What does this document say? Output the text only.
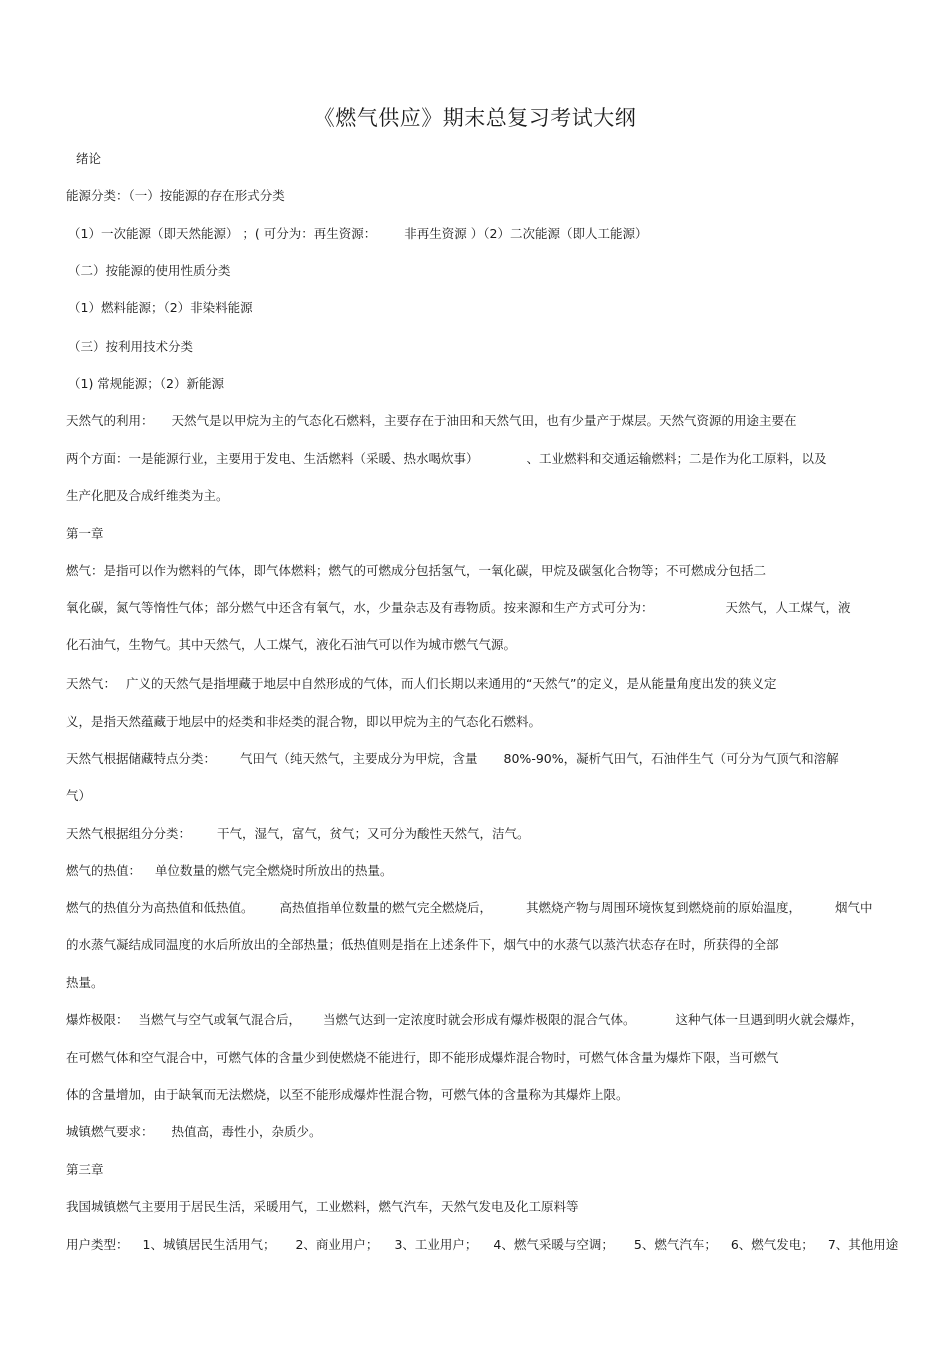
《燃气供应》期末总复习考试大纲
绪论
能源分类：（一）按能源的存在形式分类
（1）一次能源（即天然能源） ；( 可分为：再生资源： 非再生资源 ）（2）二次能源（即人工能源）
（二）按能源的使用性质分类
（1）燃料能源；（2）非染料能源
（三）按利用技术分类
（1) 常规能源；（2）新能源
天然气的利用： 天然气是以甲烷为主的气态化石燃料，主要存在于油田和天然气田，也有少量产于煤层。天然气资源的用途主要在
两个方面：一是能源行业，主要用于发电、生活燃料（采暖、热水喝炊事）	、工业燃料和交通运输燃料；二是作为化工原料，以及
生产化肥及合成纤维类为主。
第一章
燃气：是指可以作为燃料的气体，即气体燃料；燃气的可燃成分包括氢气，一氧化碳，甲烷及碳氢化合物等；不可燃成分包括二
氧化碳，氮气等惰性气体；部分燃气中还含有氧气，水，少量杂志及有毒物质。按来源和生产方式可分为：	天然气，人工煤气，液
化石油气，生物气。其中天然气，人工煤气，液化石油气可以作为城市燃气气源。
天然气： 广义的天然气是指埋藏于地层中自然形成的气体，而人们长期以来通用的“天然气”的定义，是从能量角度出发的狭义定
义，是指天然蕴藏于地层中的烃类和非烃类的混合物，即以甲烷为主的气态化石燃料。
天然气根据储藏特点分类： 气田气（纯天然气，主要成分为甲烷，含量 80%-90%，凝析气田气，石油伴生气（可分为气顶气和溶解
气）
天然气根据组分分类： 干气，湿气，富气，贫气；又可分为酸性天然气，洁气。
燃气的热值： 单位数量的燃气完全燃烧时所放出的热量。
燃气的热值分为高热值和低热值。 高热值指单位数量的燃气完全燃烧后，	其燃烧产物与周围环境恢复到燃烧前的原始温度，	烟气中
的水蒸气凝结成同温度的水后所放出的全部热量；低热值则是指在上述条件下，烟气中的水蒸气以蒸汽状态存在时，所获得的全部
热量。
爆炸极限： 当燃气与空气或氧气混合后， 当燃气达到一定浓度时就会形成有爆炸极限的混合气体。	这种气体一旦遇到明火就会爆炸，
在可燃气体和空气混合中，可燃气体的含量少到使燃烧不能进行，即不能形成爆炸混合物时，可燃气体含量为爆炸下限，当可燃气
体的含量增加，由于缺氧而无法燃烧，以至不能形成爆炸性混合物，可燃气体的含量称为其爆炸上限。
城镇燃气要求： 热值高，毒性小，杂质少。
第三章
我国城镇燃气主要用于居民生活，采暖用气，工业燃料，燃气汽车，天然气发电及化工原料等
用户类型： 1、城镇居民生活用气； 2、商业用户； 3、工业用户； 4、燃气采暖与空调； 5、燃气汽车； 6、燃气发电； 7、其他用途
